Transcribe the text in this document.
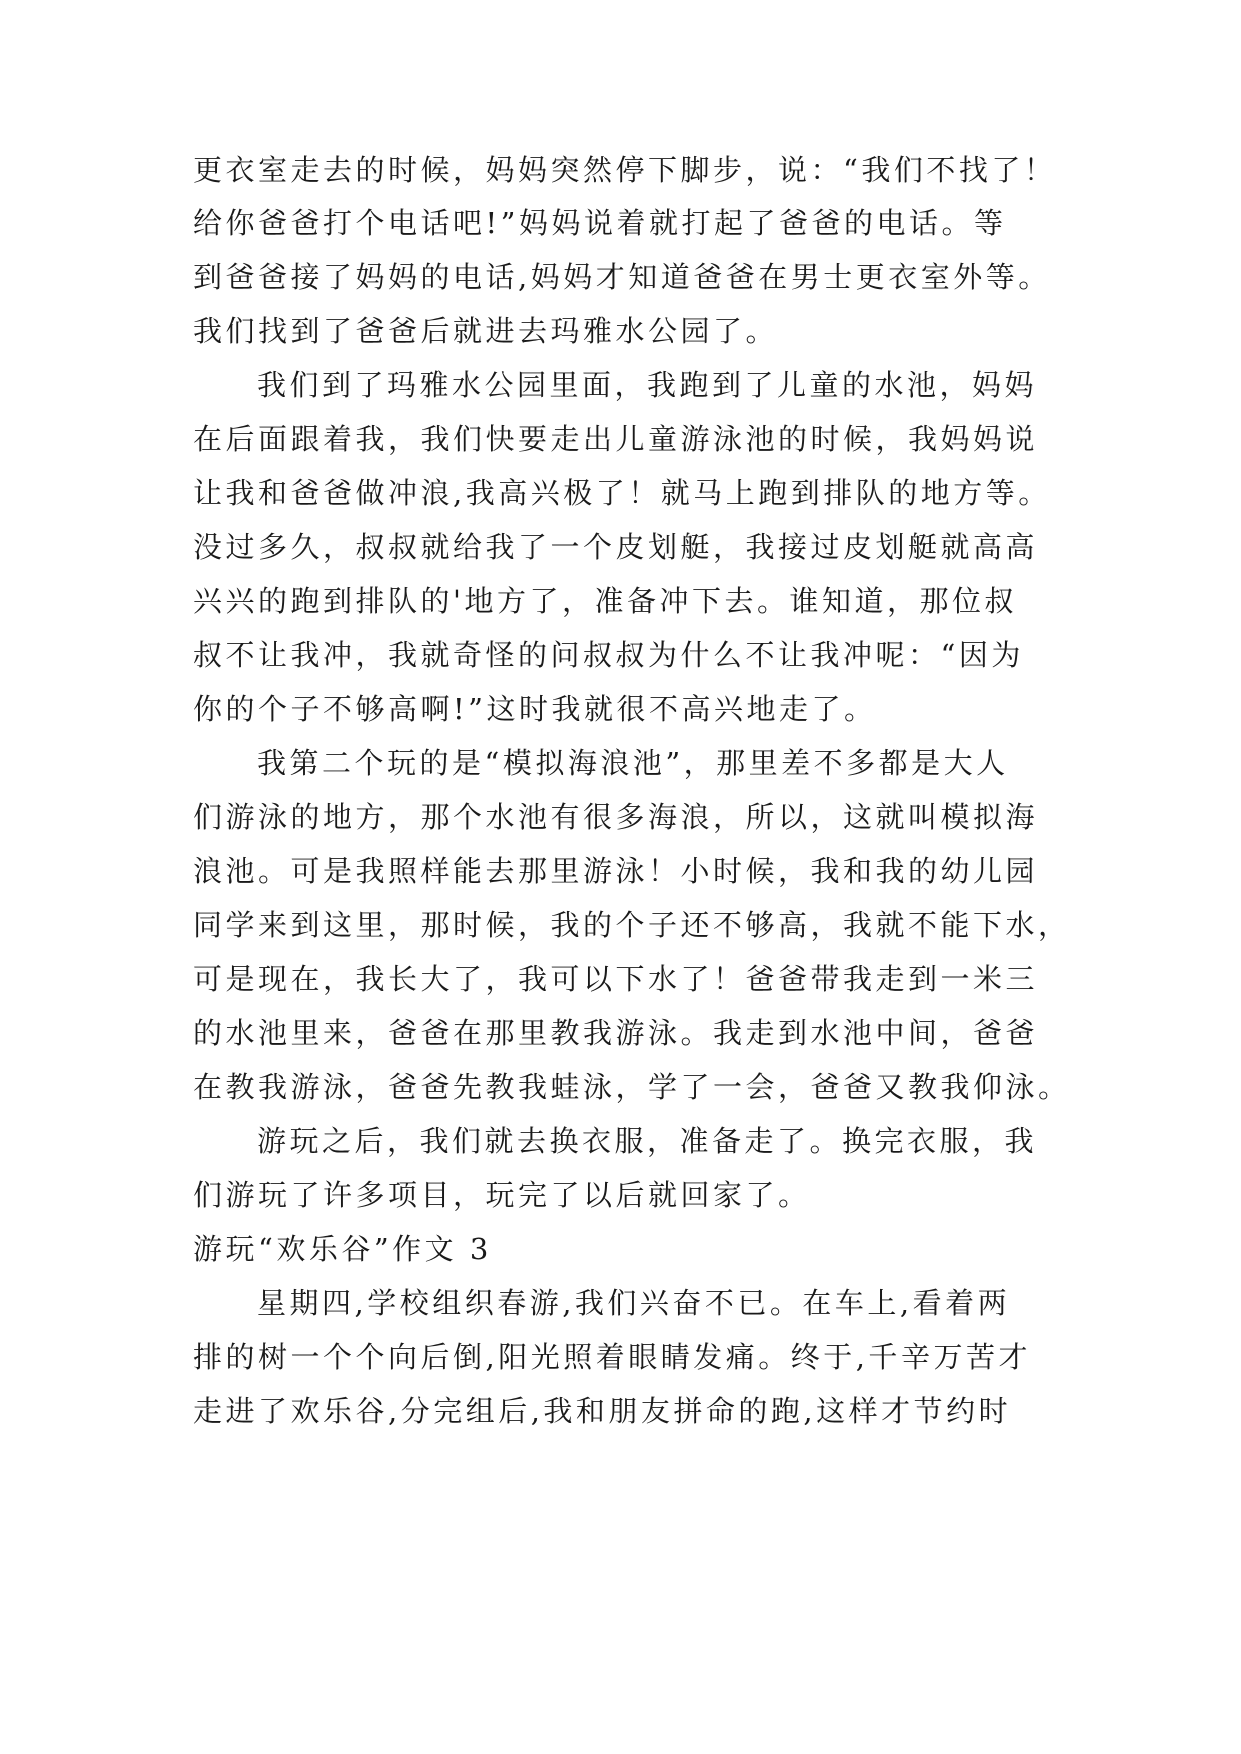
更衣室走去的时候，妈妈突然停下脚步，说：“我们不找了！
给你爸爸打个电话吧!”妈妈说着就打起了爸爸的电话。等
到爸爸接了妈妈的电话,妈妈才知道爸爸在男士更衣室外等。
我们找到了爸爸后就进去玛雅水公园了。
我们到了玛雅水公园里面，我跑到了儿童的水池，妈妈
在后面跟着我，我们快要走出儿童游泳池的时候，我妈妈说
让我和爸爸做冲浪,我高兴极了！就马上跑到排队的地方等。
没过多久，叔叔就给我了一个皮划艇，我接过皮划艇就高高
兴兴的跑到排队的'地方了，准备冲下去。谁知道，那位叔
叔不让我冲，我就奇怪的问叔叔为什么不让我冲呢：“因为
你的个子不够高啊!”这时我就很不高兴地走了。
我第二个玩的是“模拟海浪池”，那里差不多都是大人
们游泳的地方，那个水池有很多海浪，所以，这就叫模拟海
浪池。可是我照样能去那里游泳！小时候，我和我的幼儿园
同学来到这里，那时候，我的个子还不够高，我就不能下水，
可是现在，我长大了，我可以下水了！爸爸带我走到一米三
的水池里来，爸爸在那里教我游泳。我走到水池中间，爸爸
在教我游泳，爸爸先教我蛙泳，学了一会，爸爸又教我仰泳。
游玩之后，我们就去换衣服，准备走了。换完衣服，我
们游玩了许多项目，玩完了以后就回家了。
游玩“欢乐谷”作文 3
星期四,学校组织春游,我们兴奋不已。在车上,看着两
排的树一个个向后倒,阳光照着眼睛发痛。终于,千辛万苦才
走进了欢乐谷,分完组后,我和朋友拼命的跑,这样才节约时
